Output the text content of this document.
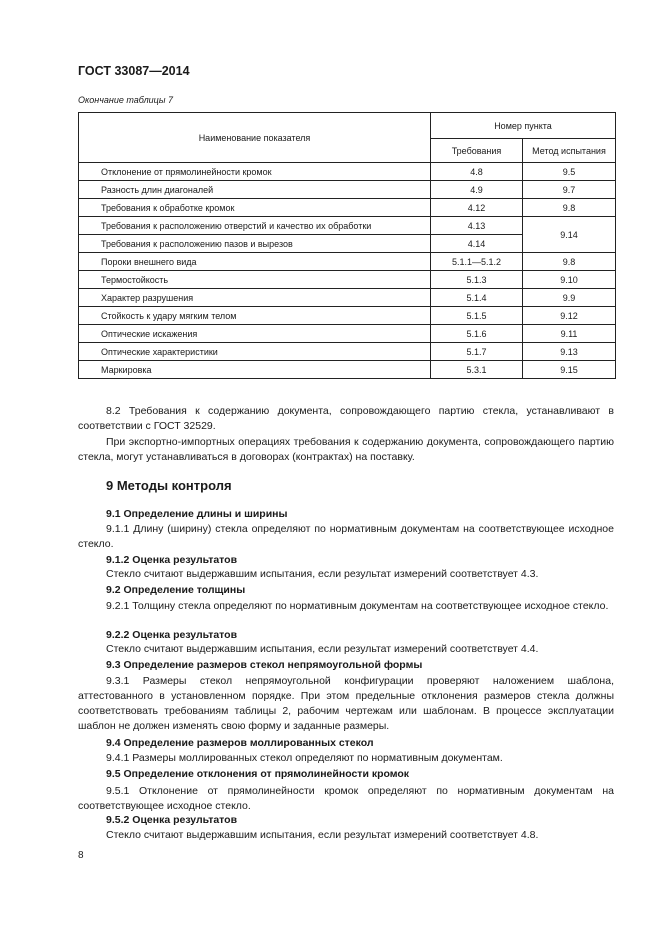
ГОСТ 33087—2014
Окончание таблицы 7
Наименование показателя	Номер пункта	
	Требования	Метод испытания
Отклонение от прямолинейности кромок	4.8	9.5
Разность длин диагоналей	4.9	9.7
Требования к обработке кромок	4.12	9.8
Требования к расположению отверстий и качество их обработки	4.13	9.14
Требования к расположению пазов и вырезов	4.14	
Пороки внешнего вида	5.1.1—5.1.2	9.8
Термостойкость	5.1.3	9.10
Характер разрушения	5.1.4	9.9
Стойкость к удару мягким телом	5.1.5	9.12
Оптические искажения	5.1.6	9.11
Оптические характеристики	5.1.7	9.13
Маркировка	5.3.1	9.15
8.2 Требования к содержанию документа, сопровождающего партию стекла, устанавливают в соответствии с ГОСТ 32529.
При экспортно-импортных операциях требования к содержанию документа, сопровождающего партию стекла, могут устанавливаться в договорах (контрактах) на поставку.
9 Методы контроля
9.1 Определение длины и ширины
9.1.1 Длину (ширину) стекла определяют по нормативным документам на соответствующее исходное стекло.
9.1.2 Оценка результатов
Стекло считают выдержавшим испытания, если результат измерений соответствует 4.3.
9.2 Определение толщины
9.2.1 Толщину стекла определяют по нормативным документам на соответствующее исходное стекло.
9.2.2 Оценка результатов
Стекло считают выдержавшим испытания, если результат измерений соответствует 4.4.
9.3 Определение размеров стекол непрямоугольной формы
9.3.1 Размеры стекол непрямоугольной конфигурации проверяют наложением шаблона, аттестованного в установленном порядке. При этом предельные отклонения размеров стекла должны соответствовать требованиям таблицы 2, рабочим чертежам или шаблонам. В процессе эксплуатации шаблон не должен изменять свою форму и заданные размеры.
9.4 Определение размеров моллированных стекол
9.4.1 Размеры моллированных стекол определяют по нормативным документам.
9.5 Определение отклонения от прямолинейности кромок
9.5.1 Отклонение от прямолинейности кромок определяют по нормативным документам на соответствующее исходное стекло.
9.5.2 Оценка результатов
Стекло считают выдержавшим испытания, если результат измерений соответствует 4.8.
8
